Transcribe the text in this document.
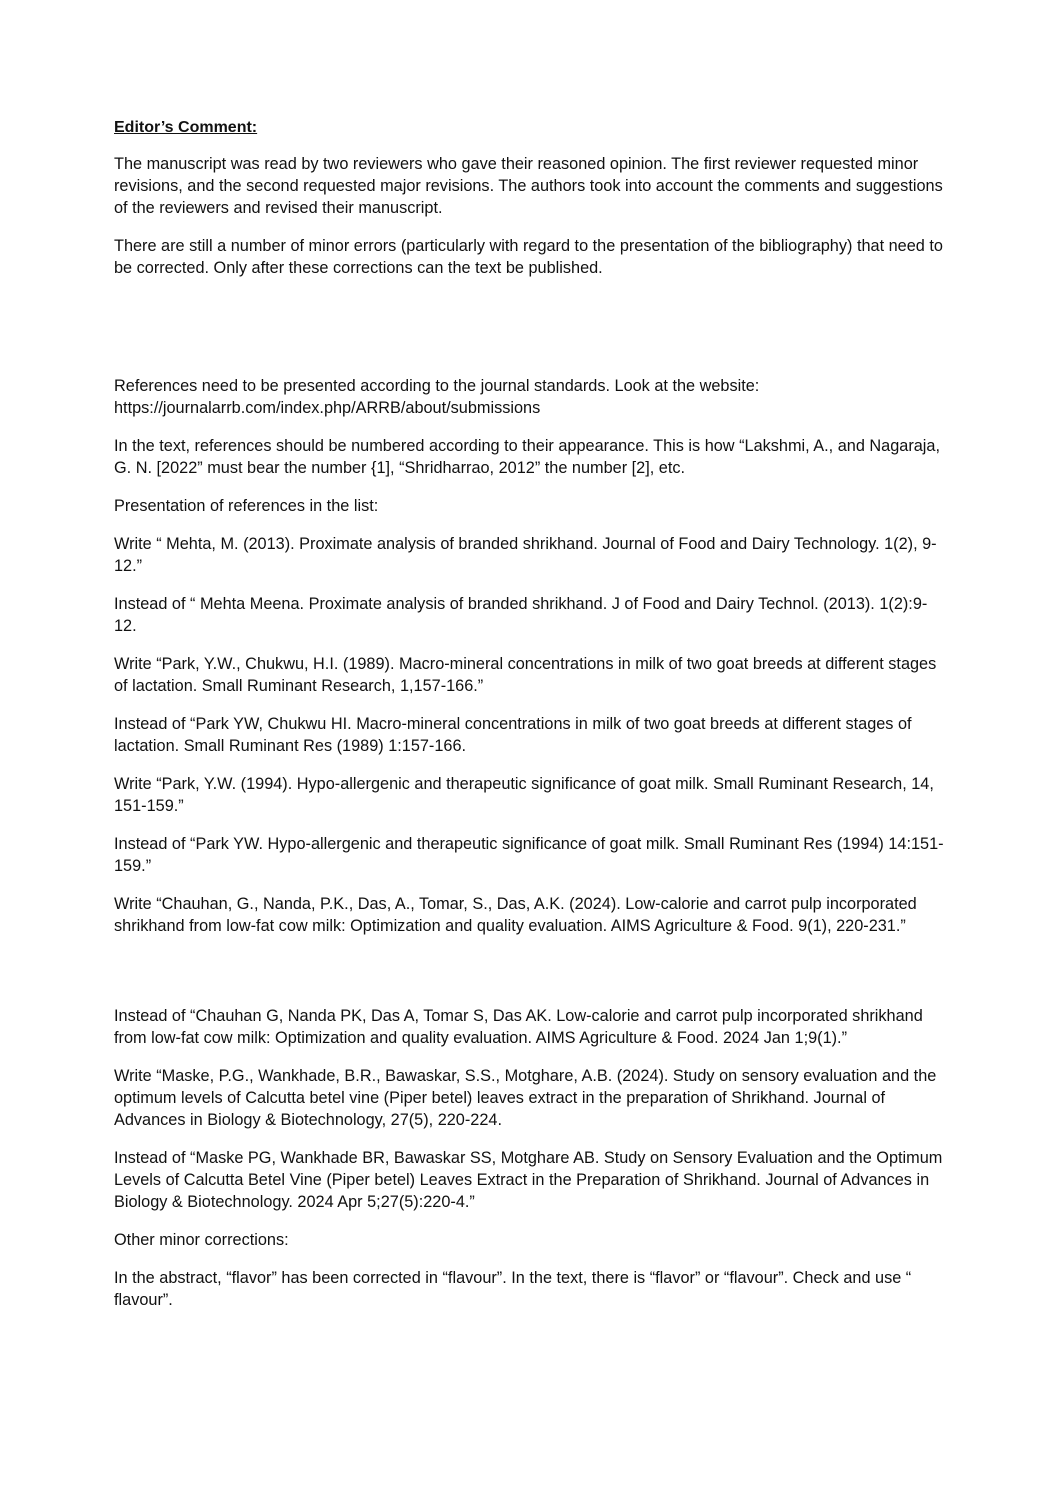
Editor’s Comment:

The manuscript was read by two reviewers who gave their reasoned opinion. The first reviewer requested minor revisions, and the second requested major revisions. The authors took into account the comments and suggestions of the reviewers and revised their manuscript.

There are still a number of minor errors (particularly with regard to the presentation of the bibliography) that need to be corrected. Only after these corrections can the text be published.

References need to be presented according to the journal standards. Look at the website: https://journalarrb.com/index.php/ARRB/about/submissions

In the text, references should be numbered according to their appearance. This is how “Lakshmi, A., and Nagaraja, G. N. [2022” must bear the number {1], “Shridharrao, 2012” the number [2], etc.

Presentation of references in the list:

Write “ Mehta, M. (2013). Proximate analysis of branded shrikhand. Journal of Food and Dairy Technology. 1(2), 9-12.”

Instead of “ Mehta Meena. Proximate analysis of branded shrikhand. J of Food and Dairy Technol. (2013). 1(2):9-12.

Write “Park, Y.W., Chukwu, H.I. (1989). Macro-mineral concentrations in milk of two goat breeds at different stages of lactation. Small Ruminant Research, 1,157-166.”

Instead of “Park YW, Chukwu HI. Macro-mineral concentrations in milk of two goat breeds at different stages of lactation. Small Ruminant Res (1989) 1:157-166.

Write “Park, Y.W. (1994). Hypo-allergenic and therapeutic significance of goat milk. Small Ruminant Research, 14, 151-159.”

Instead of “Park YW. Hypo-allergenic and therapeutic significance of goat milk. Small Ruminant Res (1994) 14:151-159.”

Write “Chauhan, G., Nanda, P.K., Das, A., Tomar, S., Das, A.K. (2024). Low-calorie and carrot pulp incorporated shrikhand from low-fat cow milk: Optimization and quality evaluation. AIMS Agriculture & Food. 9(1), 220-231.”

Instead of “Chauhan G, Nanda PK, Das A, Tomar S, Das AK. Low-calorie and carrot pulp incorporated shrikhand from low-fat cow milk: Optimization and quality evaluation. AIMS Agriculture & Food. 2024 Jan 1;9(1).”

Write “Maske, P.G., Wankhade, B.R., Bawaskar, S.S., Motghare, A.B. (2024). Study on sensory evaluation and the optimum levels of Calcutta betel vine (Piper betel) leaves extract in the preparation of Shrikhand. Journal of Advances in Biology & Biotechnology, 27(5), 220-224.

Instead of “Maske PG, Wankhade BR, Bawaskar SS, Motghare AB. Study on Sensory Evaluation and the Optimum Levels of Calcutta Betel Vine (Piper betel) Leaves Extract in the Preparation of Shrikhand. Journal of Advances in Biology & Biotechnology. 2024 Apr 5;27(5):220-4.”

Other minor corrections:

In the abstract, “flavor” has been corrected in “flavour”. In the text, there is “flavor” or “flavour”. Check and use “ flavour”.
